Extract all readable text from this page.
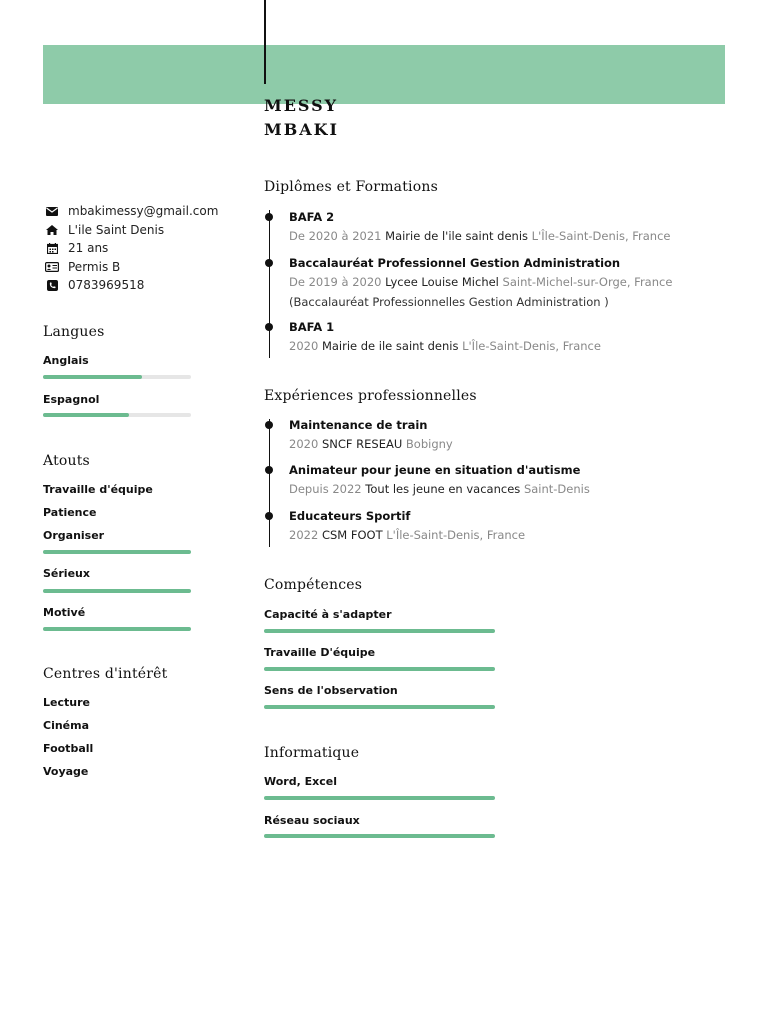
MESSY
MBAKI
mbakimessy@gmail.com
L'ile Saint Denis
21 ans
Permis B
0783969518
Langues
Anglais
Espagnol
Atouts
Travaille d'équipe
Patience
Organiser
Sérieux
Motivé
Centres d'intérêt
Lecture
Cinéma
Football
Voyage
Diplômes et Formations
BAFA 2
De 2020 à 2021 Mairie de l'ile saint denis L'Île-Saint-Denis, France
Baccalauréat Professionnel Gestion Administration
De 2019 à 2020 Lycee Louise Michel Saint-Michel-sur-Orge, France
(Baccalauréat Professionnelles Gestion Administration )
BAFA 1
2020 Mairie de ile saint denis L'Île-Saint-Denis, France
Expériences professionnelles
Maintenance de train
2020 SNCF RESEAU Bobigny
Animateur pour jeune en situation d'autisme
Depuis 2022 Tout les jeune en vacances Saint-Denis
Educateurs Sportif
2022 CSM FOOT L'Île-Saint-Denis, France
Compétences
Capacité à s'adapter
Travaille D'équipe
Sens de l'observation
Informatique
Word, Excel
Réseau sociaux
